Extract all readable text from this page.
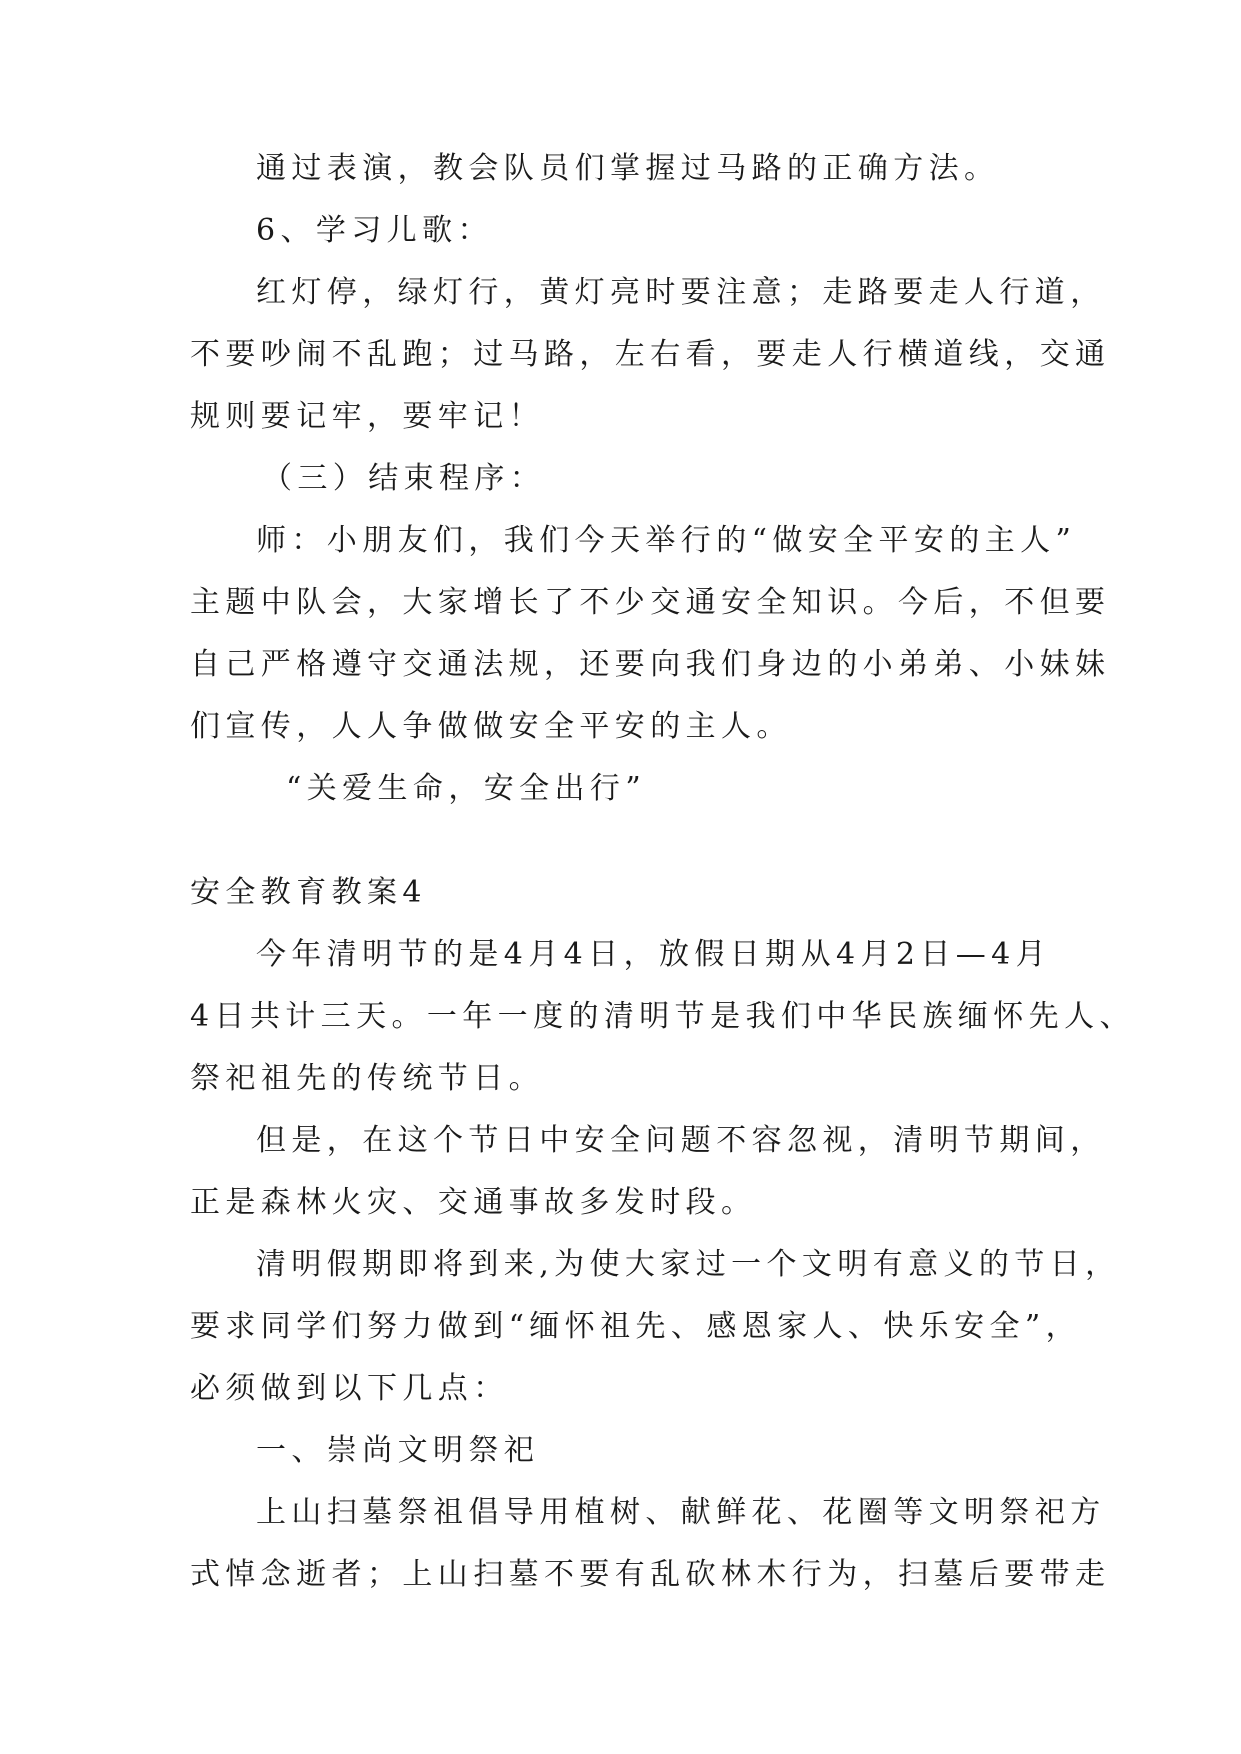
通过表演，教会队员们掌握过马路的正确方法。
6、学习儿歌：
红灯停，绿灯行，黄灯亮时要注意；走路要走人行道，
不要吵闹不乱跑；过马路，左右看，要走人行横道线，交通
规则要记牢，要牢记！
（三）结束程序：
师：小朋友们，我们今天举行的“做安全平安的主人”
主题中队会，大家增长了不少交通安全知识。今后，不但要
自己严格遵守交通法规，还要向我们身边的小弟弟、小妹妹
们宣传，人人争做做安全平安的主人。
“关爱生命，安全出行”
安全教育教案4
今年清明节的是4月4日，放假日期从4月2日—4月
4日共计三天。一年一度的清明节是我们中华民族缅怀先人、
祭祀祖先的传统节日。
但是，在这个节日中安全问题不容忽视，清明节期间，
正是森林火灾、交通事故多发时段。
清明假期即将到来,为使大家过一个文明有意义的节日，
要求同学们努力做到“缅怀祖先、感恩家人、快乐安全”，
必须做到以下几点：
一、崇尚文明祭祀
上山扫墓祭祖倡导用植树、献鲜花、花圈等文明祭祀方
式悼念逝者；上山扫墓不要有乱砍林木行为，扫墓后要带走
